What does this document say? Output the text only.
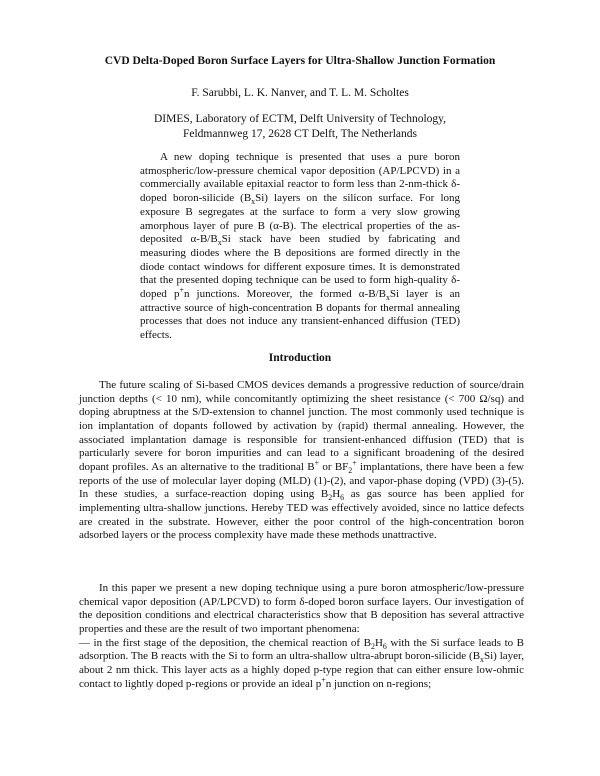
CVD Delta-Doped Boron Surface Layers for Ultra-Shallow Junction Formation
F. Sarubbi, L. K. Nanver, and T. L. M. Scholtes
DIMES, Laboratory of ECTM, Delft University of Technology,
Feldmannweg 17, 2628 CT Delft, The Netherlands
A new doping technique is presented that uses a pure boron atmospheric/low-pressure chemical vapor deposition (AP/LPCVD) in a commercially available epitaxial reactor to form less than 2-nm-thick δ-doped boron-silicide $(B_xSi)$ layers on the silicon surface. For long exposure B segregates at the surface to form a very slow growing amorphous layer of pure B (α-B). The electrical properties of the as-deposited $\alpha-B/B_xSi$ stack have been studied by fabricating and measuring diodes where the B depositions are formed directly in the diode contact windows for different exposure times. It is demonstrated that the presented doping technique can be used to form high-quality δ-doped p+n junctions. Moreover, the formed $\alpha-B/B_xSi$ layer is an attractive source of high-concentration B dopants for thermal annealing processes that does not induce any transient-enhanced diffusion (TED) effects.
Introduction
The future scaling of Si-based CMOS devices demands a progressive reduction of source/drain junction depths (< 10 nm), while concomitantly optimizing the sheet resistance (< 700 Ω/sq) and doping abruptness at the S/D-extension to channel junction. The most commonly used technique is ion implantation of dopants followed by activation by (rapid) thermal annealing. However, the associated implantation damage is responsible for transient-enhanced diffusion (TED) that is particularly severe for boron impurities and can lead to a significant broadening of the desired dopant profiles. As an alternative to the traditional B+ or $BF_2^+$ implantations, there have been a few reports of the use of molecular layer doping (MLD) (1)-(2), and vapor-phase doping (VPD) (3)-(5). In these studies, a surface-reaction doping using $B_2H_6$ as gas source has been applied for implementing ultra-shallow junctions. Hereby TED was effectively avoided, since no lattice defects are created in the substrate. However, either the poor control of the high-concentration boron adsorbed layers or the process complexity have made these methods unattractive.
In this paper we present a new doping technique using a pure boron atmospheric/low-pressure chemical vapor deposition (AP/LPCVD) to form δ-doped boron surface layers. Our investigation of the deposition conditions and electrical characteristics show that B deposition has several attractive properties and these are the result of two important phenomena:
— in the first stage of the deposition, the chemical reaction of $B_2H_6$ with the Si surface leads to B adsorption. The B reacts with the Si to form an ultra-shallow ultra-abrupt boron-silicide $(B_xSi)$ layer, about 2 nm thick. This layer acts as a highly doped p-type region that can either ensure low-ohmic contact to lightly doped p-regions or provide an ideal p+n junction on n-regions;
